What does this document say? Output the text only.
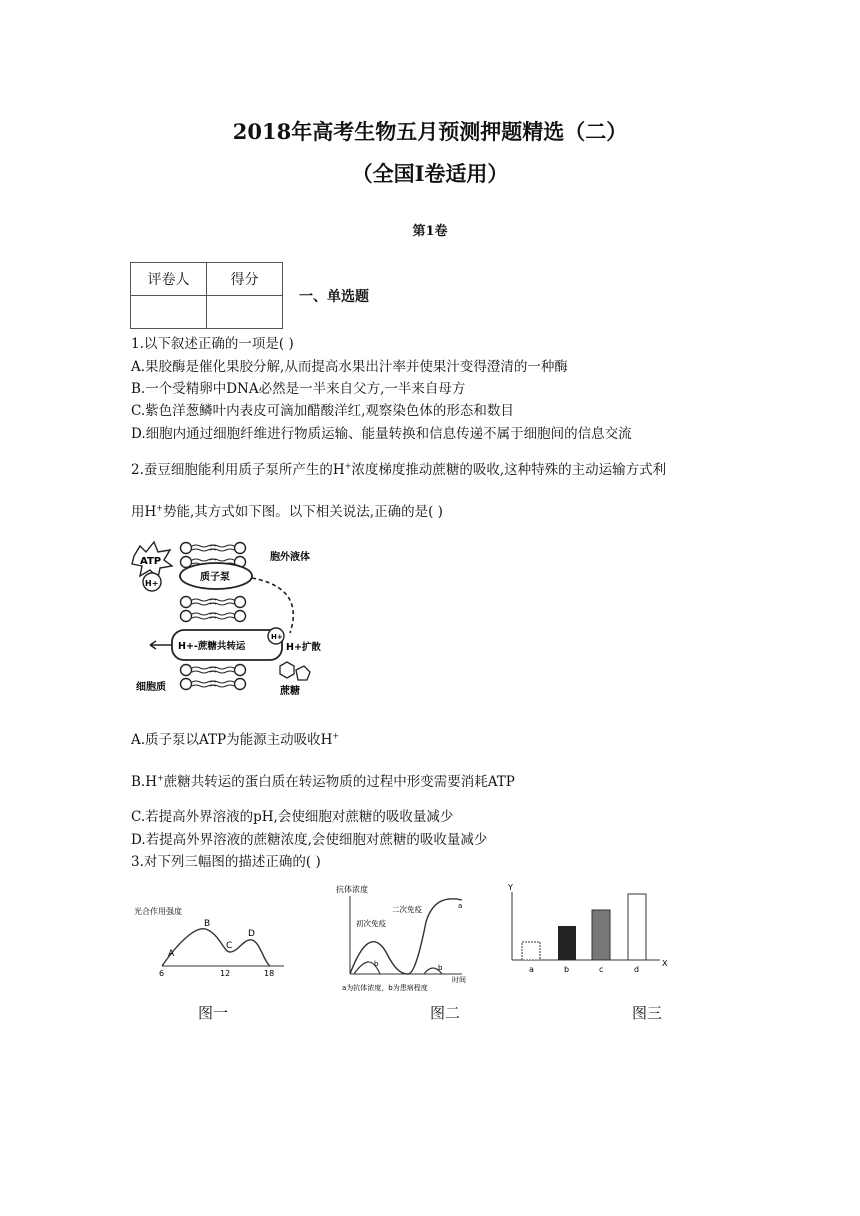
2018年高考生物五月预测押题精选（二）
（全国Ⅰ卷适用）
第1卷
评卷人	得分

一、单选题
1.以下叙述正确的一项是( )
A.果胶酶是催化果胶分解,从而提高水果出汁率并使果汁变得澄清的一种酶
B.一个受精卵中DNA必然是一半来自父方,一半来自母方
C.紫色洋葱鳞叶内表皮可滴加醋酸洋红,观察染色体的形态和数目
D.细胞内通过细胞纤维进行物质运输、能量转换和信息传递不属于细胞间的信息交流
2.蚕豆细胞能利用质子泵所产生的H+浓度梯度推动蔗糖的吸收,这种特殊的主动运输方式利
用H+势能,其方式如下图。以下相关说法,正确的是( )
ATP
H+
质子泵
胞外液体
H+-蔗糖共转运
H+
H+扩散
蔗糖
细胞质
A.质子泵以ATP为能源主动吸收H+
B.H+蔗糖共转运的蛋白质在转运物质的过程中形变需要消耗ATP
C.若提高外界溶液的pH,会使细胞对蔗糖的吸收量减少
D.若提高外界溶液的蔗糖浓度,会使细胞对蔗糖的吸收量减少
3.对下列三幅图的描述正确的( )
光合作用强度
A
B
C
D
6	12	18
图一
抗体浓度
初次免疫
二次免疫	a
b	b
时间
a为抗体浓度，b为患病程度
图二
Y
X
a	b	c	d
图三
